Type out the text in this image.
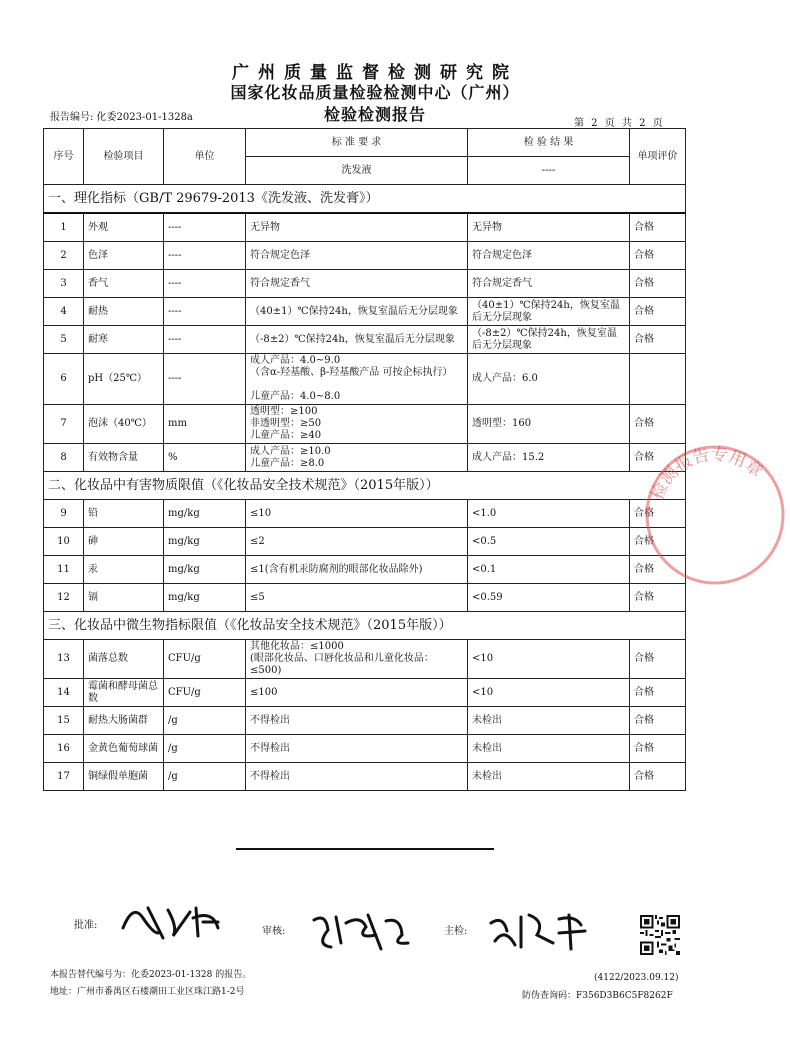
广州质量监督检测研究院
国家化妆品质量检验检测中心（广州）
检验检测报告
报告编号: 化委2023-01-1328a
第 2 页 共 2 页
序号	检验项目	单位	标 准 要 求	检 验 结 果	单项评价
			洗发液	----	
一、理化指标（GB/T 29679-2013《洗发液、洗发膏》）					
1	外观	----	无异物	无异物	合格
2	色泽	----	符合规定色泽	符合规定色泽	合格
3	香气	----	符合规定香气	符合规定香气	合格
4	耐热	----	（40±1）℃保持24h，恢复室温后无分层现象	（40±1）℃保持24h，恢复室温后无分层现象	合格
5	耐寒	----	（-8±2）℃保持24h，恢复室温后无分层现象	（-8±2）℃保持24h，恢复室温后无分层现象	合格
6	pH（25℃）	----	成人产品：4.0~9.0
（含α-羟基酸、β-羟基酸产品 可按企标执行）

儿童产品：4.0~8.0	成人产品：6.0	
7	泡沫（40℃）	mm	透明型：≥100
非透明型：≥50
儿童产品：≥40	透明型：160	合格
8	有效物含量	%	成人产品：≥10.0
儿童产品：≥8.0	成人产品：15.2	合格
二、化妆品中有害物质限值（《化妆品安全技术规范》（2015年版））					
9	铅	mg/kg	≤10	<1.0	合格
10	砷	mg/kg	≤2	<0.5	合格
11	汞	mg/kg	≤1(含有机汞防腐剂的眼部化妆品除外)	<0.1	合格
12	镉	mg/kg	≤5	<0.59	合格
三、化妆品中微生物指标限值（《化妆品安全技术规范》（2015年版））					
13	菌落总数	CFU/g	其他化妆品：≤1000
(眼部化妆品、口唇化妆品和儿童化妆品：≤500)	<10	合格
14	霉菌和酵母菌总数	CFU/g	≤100	<10	合格
15	耐热大肠菌群	/g	不得检出	未检出	合格
16	金黄色葡萄球菌	/g	不得检出	未检出	合格
17	铜绿假单胞菌	/g	不得检出	未检出	合格
检测报告专用章
批准:
审核:	主检:
本报告替代编号为：化委2023-01-1328 的报告。
地址：广州市番禺区石楼潮田工业区珠江路1-2号
(4122/2023.09.12)
防伪查询码：F356D3B6C5F8262F
